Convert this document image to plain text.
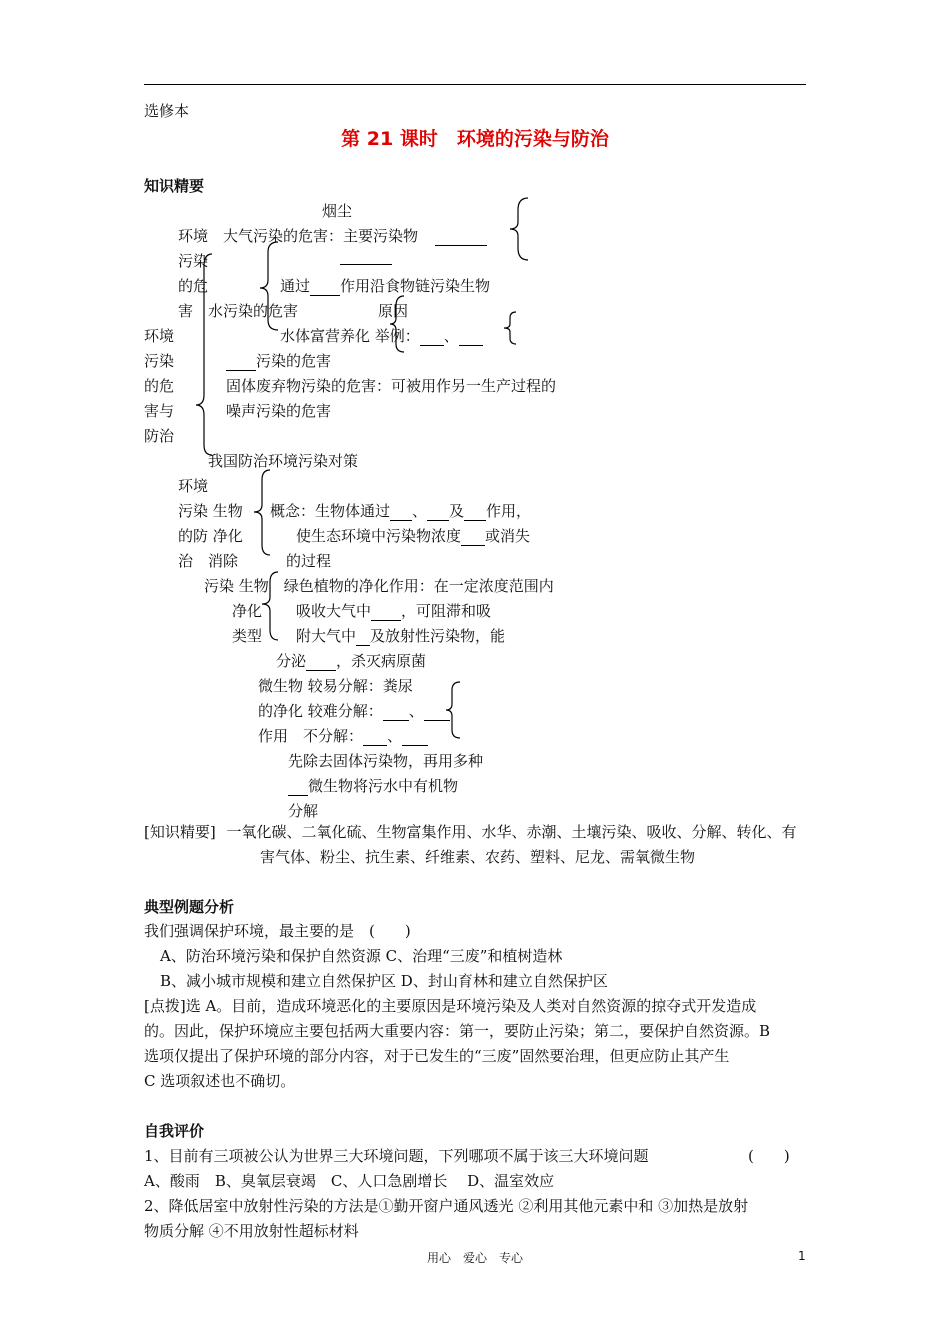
选修本
第 21 课时　环境的污染与防治
知识精要
烟尘
环境　大气污染的危害：主要污染物
污染
的危	通过 作用沿食物链污染生物
害　水污染的危害	原因
环境	水体富营养化 举例： 、
污染	污染的危害
的危	固体废弃物污染的危害：可被用作另一生产过程的
害与	噪声污染的危害
防治
我国防治环境污染对策
环境
污染 生物 概念：生物体通过 、 及 作用，
的防 净化	使生态环境中污染物浓度 或消失
治　消除	的过程
污染 生物　绿色植物的净化作用：在一定浓度范围内
净化 吸收大气中 ，可阻滞和吸
类型 附大气中 及放射性污染物，能
分泌 ，杀灭病原菌
微生物 较易分解：粪尿
的净化 较难分解： 、
作用　不分解： 、
先除去固体污染物，再用多种
微生物将污水中有机物
分解
[知识精要] 一氧化碳、二氧化硫、生物富集作用、水华、赤潮、土壤污染、吸收、分解、转化、有
害气体、粉尘、抗生素、纤维素、农药、塑料、尼龙、需氧微生物
典型例题分析
我们强调保护环境，最主要的是　(　　)
A、防治环境污染和保护自然资源 C、治理“三废”和植树造林
B、减小城市规模和建立自然保护区 D、封山育林和建立自然保护区
[点拨]选 A。目前，造成环境恶化的主要原因是环境污染及人类对自然资源的掠夺式开发造成
的。因此，保护环境应主要包括两大重要内容：第一，要防止污染；第二，要保护自然资源。B
选项仅提出了保护环境的部分内容，对于已发生的“三废”固然要治理，但更应防止其产生
C 选项叙述也不确切。
自我评价
1、目前有三项被公认为世界三大环境问题，下列哪项不属于该三大环境问题	(　　)
A、酸雨　B、臭氧层衰竭　C、人口急剧增长　 D、温室效应
2、降低居室中放射性污染的方法是①勤开窗户通风透光 ②利用其他元素中和 ③加热是放射
物质分解 ④不用放射性超标材料
用心　爱心　专心	1
